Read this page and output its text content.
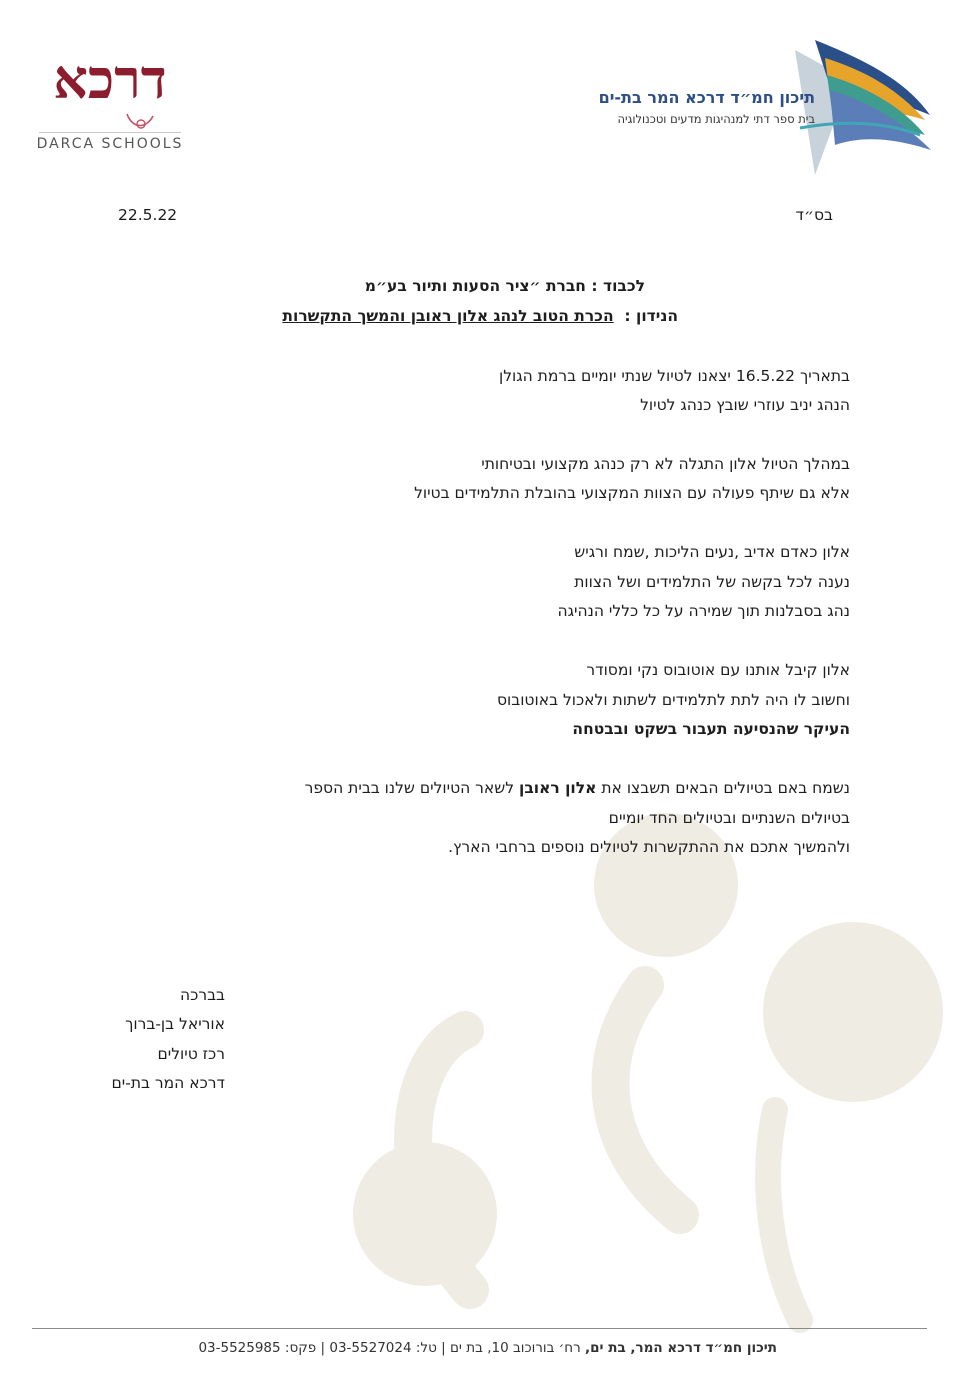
דרכא
DARCA SCHOOLS
תיכון חמ״ד דרכא המר בת-ים
בית ספר דתי למנהיגות מדעים וטכנולוגיה
בס״ד
22.5.22
לכבוד : חברת ״ציר הסעות ותיור בע״מ
הנידון :  הכרת הטוב לנהג אלון ראובן והמשך התקשרות
בתאריך 16.5.22 יצאנו לטיול שנתי יומיים ברמת הגולן
הנהג יניב עוזרי שובץ כנהג לטיול
במהלך הטיול אלון התגלה לא רק כנהג מקצועי ובטיחותי
אלא גם שיתף פעולה עם הצוות המקצועי בהובלת התלמידים בטיול
אלון כאדם אדיב ,נעים הליכות ,שמח ורגיש
נענה לכל בקשה של התלמידים ושל הצוות
נהג בסבלנות תוך שמירה על כל כללי הנהיגה
אלון קיבל אותנו עם אוטובוס נקי ומסודר
וחשוב לו היה לתת לתלמידים לשתות ולאכול באוטובוס
העיקר שהנסיעה תעבור בשקט ובבטחה
נשמח באם בטיולים הבאים תשבצו את אלון ראובן לשאר הטיולים שלנו בבית הספר
בטיולים השנתיים ובטיולים החד יומיים
ולהמשיך אתכם את ההתקשרות לטיולים נוספים ברחבי הארץ.
בברכה
אוריאל בן-ברוך
רכז טיולים
דרכא המר בת-ים
תיכון חמ״ד דרכא המר, בת ים, רח׳ בורוכוב 10, בת ים | טל: 03-5527024 | פקס: 03-5525985
